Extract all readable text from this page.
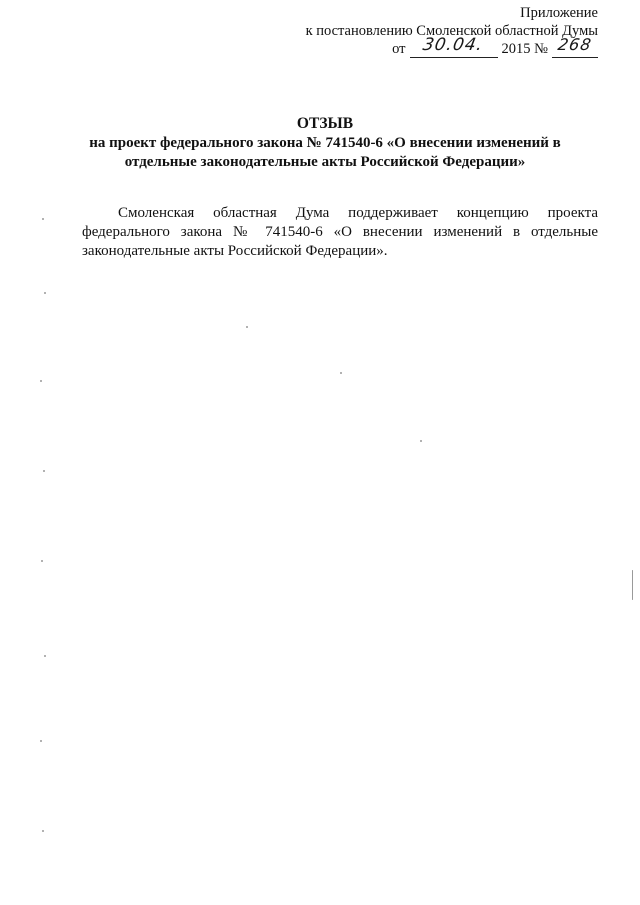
Приложение
к постановлению Смоленской областной Думы
от 30.04.	2015 № 268
ОТЗЫВ
на проект федерального закона № 741540-6 «О внесении изменений в
отдельные законодательные акты Российской Федерации»
Смоленская областная Дума поддерживает концепцию проекта федерального закона № 741540-6 «О внесении изменений в отдельные законодательные акты Российской Федерации».
